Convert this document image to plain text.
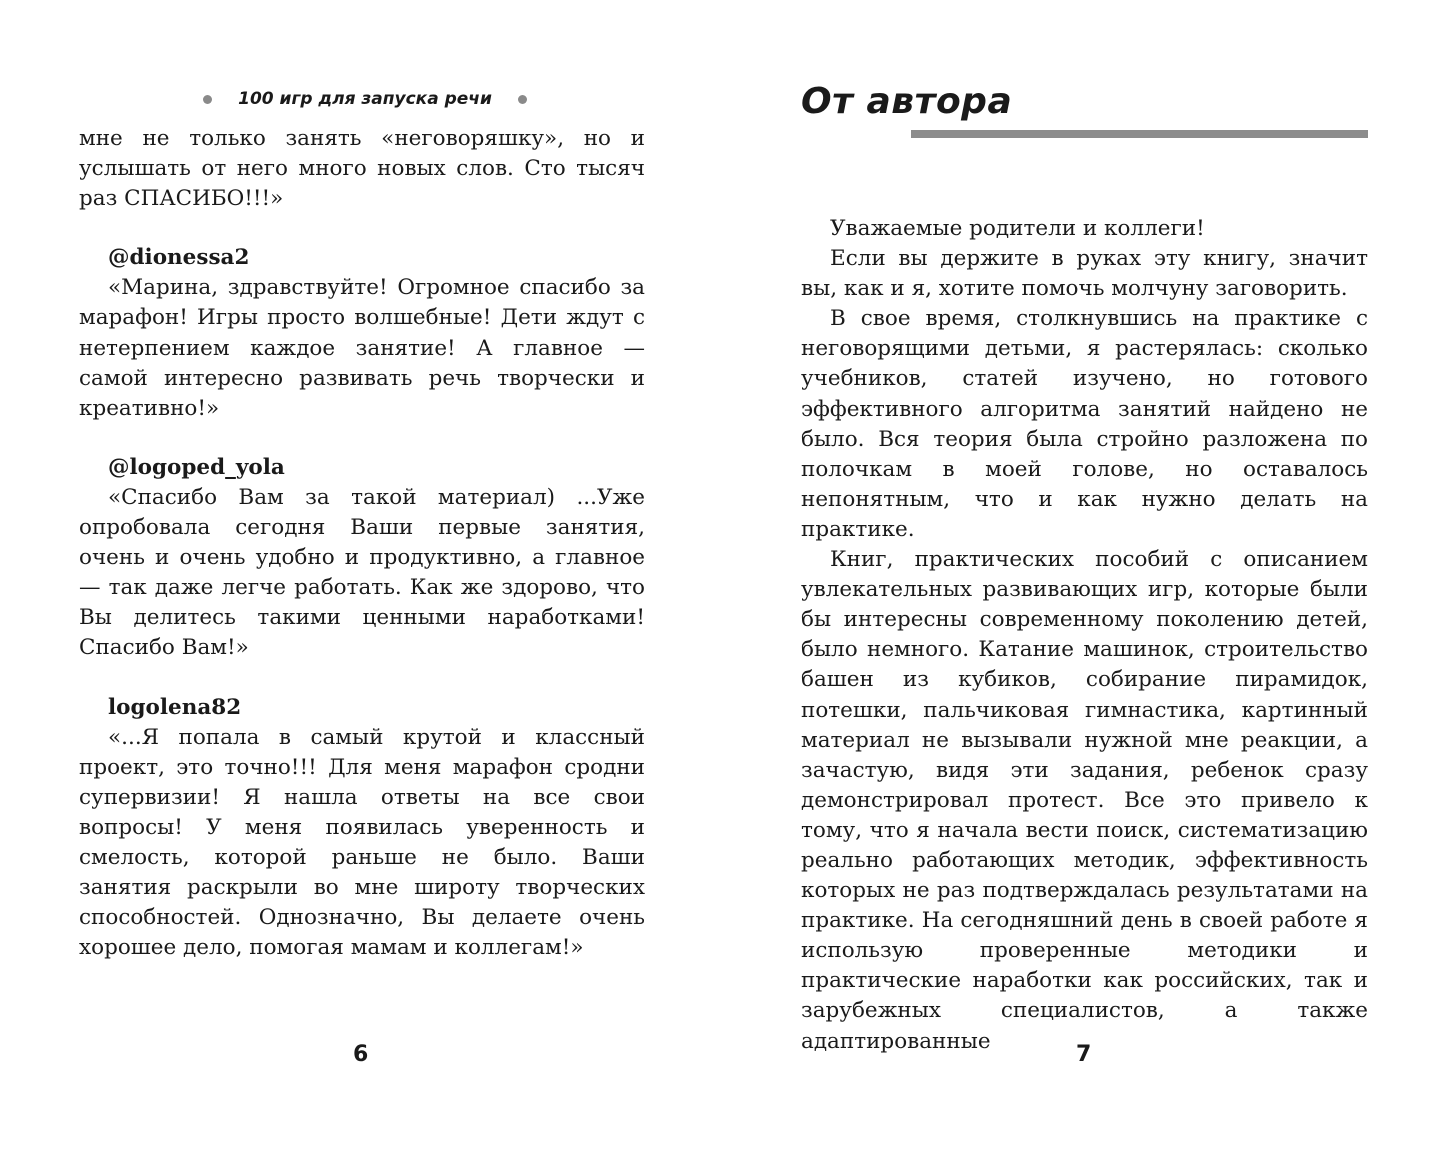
100 игр для запуска речи

мне не только занять «неговоряшку», но и услышать от него много новых слов. Сто тысяч раз СПАСИБО!!!»

@dionessa2

«Марина, здравствуйте! Огромное спасибо за марафон! Игры просто волшебные! Дети ждут с нетерпением каждое занятие! А главное — самой интересно развивать речь творчески и креативно!»

@logoped_yola

«Спасибо Вам за такой материал) ...Уже опробовала сегодня Ваши первые занятия, очень и очень удобно и продуктивно, а главное — так даже легче работать. Как же здорово, что Вы делитесь такими ценными наработками! Спасибо Вам!»

logolena82

«...Я попала в самый крутой и классный проект, это точно!!! Для меня марафон сродни супервизии! Я нашла ответы на все свои вопросы! У меня появилась уверенность и смелость, которой раньше не было. Ваши занятия раскрыли во мне широту творческих способностей. Однозначно, Вы делаете очень хорошее дело, помогая мамам и коллегам!»

6
От автора

Уважаемые родители и коллеги!

Если вы держите в руках эту книгу, значит вы, как и я, хотите помочь молчуну заговорить.

В свое время, столкнувшись на практике с неговорящими детьми, я растерялась: сколько учебников, статей изучено, но готового эффективного алгоритма занятий найдено не было. Вся теория была стройно разложена по полочкам в моей голове, но оставалось непонятным, что и как нужно делать на практике.

Книг, практических пособий с описанием увлекательных развивающих игр, которые были бы интересны современному поколению детей, было немного. Катание машинок, строительство башен из кубиков, собирание пирамидок, потешки, пальчиковая гимнастика, картинный материал не вызывали нужной мне реакции, а зачастую, видя эти задания, ребенок сразу демонстрировал протест. Все это привело к тому, что я начала вести поиск, систематизацию реально работающих методик, эффективность которых не раз подтверждалась результатами на практике. На сегодняшний день в своей работе я использую проверенные методики и практические наработки как российских, так и зарубежных специалистов, а также адаптированные

7
